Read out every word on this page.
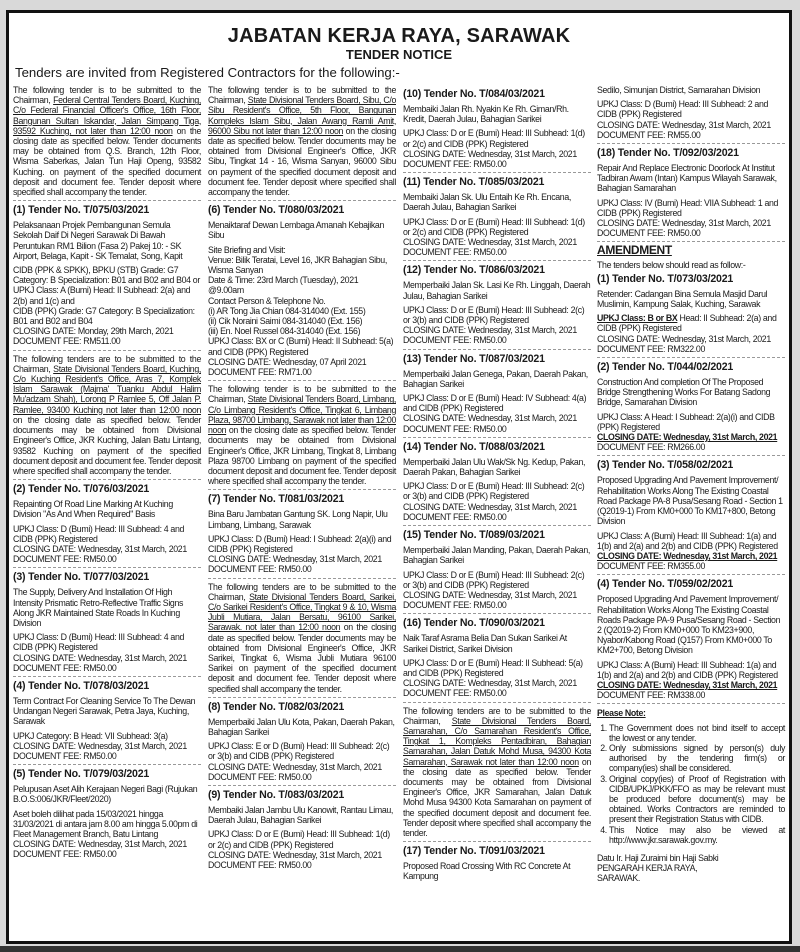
JABATAN KERJA RAYA, SARAWAK
TENDER NOTICE
Tenders are invited from Registered Contractors for the following:-
The following tender is to be submitted to the Chairman, Federal Central Tenders Board, Kuching, C/o Federal Financial Officer's Office, 16th Floor, Bangunan Sultan Iskandar, Jalan Simpang Tiga, 93592 Kuching, not later than 12:00 noon on the closing date as specified below. Tender documents may be obtained from Q.S. Branch, 12th Floor, Wisma Saberkas, Jalan Tun Haji Openg, 93582 Kuching. on payment of the specified document deposit and document fee. Tender deposit where specified shall accompany the tender.
(1) Tender No. T/075/03/2021
Pelaksanaan Projek Pembangunan Semula Sekolah Daif Di Negeri Sarawak Di Bawah Peruntukan RM1 Bilion (Fasa 2) Pakej 10: - SK Airport, Belaga, Kapit - SK Temalat, Song, Kapit
CIDB (PPK & SPKK), BPKU (STB) Grade: G7 Category: B Specialization: B01 and B02 and B04 or UPKJ Class: A (Bumi) Head: II Subhead: 2(a) and 2(b) and 1(c) and
CIDB (PPK) Grade: G7 Category: B Specialization: B01 and B02 and B04
CLOSING DATE: Monday, 29th March, 2021
DOCUMENT FEE: RM511.00
The following tenders are to be submitted to the Chairman, State Divisional Tenders Board, Kuching, C/o Kuching Resident's Office, Aras 7, Komplek Islam Sarawak (Majma' Tuanku Abdul Halim Mu'adzam Shah), Lorong P Ramlee 5, Off Jalan P. Ramlee, 93400 Kuching not later than 12:00 noon on the closing date as specified below. Tender documents may be obtained from Divisional Engineer's Office, JKR Kuching, Jalan Batu Lintang, 93582 Kuching on payment of the specified document deposit and document fee. Tender deposit where specified shall accompany the tender.
(2) Tender No. T/076/03/2021
Repainting Of Road Line Marking At Kuching Division "As And When Required" Basis
UPKJ Class: D (Bumi) Head: III Subhead: 4 and CIDB (PPK) Registered
CLOSING DATE: Wednesday, 31st March, 2021
DOCUMENT FEE: RM50.00
(3) Tender No. T/077/03/2021
The Supply, Delivery And Installation Of High Intensity Prismatic Retro-Reflective Traffic Signs Along JKR Maintained State Roads In Kuching Division
UPKJ Class: D (Bumi) Head: III Subhead: 4 and CIDB (PPK) Registered
CLOSING DATE: Wednesday, 31st March, 2021
DOCUMENT FEE: RM50.00
(4) Tender No. T/078/03/2021
Term Contract For Cleaning Service To The Dewan Undangan Negeri Sarawak, Petra Jaya, Kuching, Sarawak
UPKJ Category: B Head: VII Subhead: 3(a)
CLOSING DATE: Wednesday, 31st March, 2021
DOCUMENT FEE: RM50.00
(5) Tender No. T/079/03/2021
Pelupusan Aset Alih Kerajaan Negeri Bagi (Rujukan B.O.S:006/JKR/Fleet/2020)
Aset boleh dilihat pada 15/03/2021 hingga 31/03/2021 di antara jam 8.00 am hingga 5.00pm di Fleet Management Branch, Batu Lintang
CLOSING DATE: Wednesday, 31st March, 2021
DOCUMENT FEE: RM50.00
The following tender is to be submitted to the Chairman, State Divisional Tenders Board, Sibu, C/o Sibu Resident's Office, 5th Floor, Bangunan Kompleks Islam Sibu, Jalan Awang Ramli Amit, 96000 Sibu not later than 12:00 noon on the closing date as specified below. Tender documents may be obtained from Divisional Engineer's Office, JKR Sibu, Tingkat 14 - 16, Wisma Sanyan, 96000 Sibu on payment of the specified document deposit and document fee. Tender deposit where specified shall accompany the tender.
(6) Tender No. T/080/03/2021
Menaiktaraf Dewan Lembaga Amanah Kebajikan Sibu
Site Briefing and Visit:
Venue: Bilik Teratai, Level 16, JKR Bahagian Sibu, Wisma Sanyan
Date & Time: 23rd March (Tuesday), 2021 @9.00am
Contact Person & Telephone No.
(i) AR Tong Jia Chian 084-314040 (Ext. 155)
(ii) Cik Noraini Saimi 084-314040 (Ext. 156)
(iii) En. Noel Russel 084-314040 (Ext. 156)
UPKJ Class: BX or C (Bumi) Head: II Subhead: 5(a) and CIDB (PPK) Registered
CLOSING DATE: Wednesday, 07 April 2021
DOCUMENT FEE: RM71.00
The following tender is to be submitted to the Chairman, State Divisional Tenders Board, Limbang, C/o Limbang Resident's Office, Tingkat 6, Limbang Plaza, 98700 Limbang, Sarawak not later than 12:00 noon on the closing date as specified below. Tender documents may be obtained from Divisional Engineer's Office, JKR Limbang, Tingkat 8, Limbang Plaza 98700 Limbang on payment of the specified document deposit and document fee. Tender deposit where specified shall accompany the tender.
(7) Tender No. T/081/03/2021
Bina Baru Jambatan Gantung SK. Long Napir, Ulu Limbang, Limbang, Sarawak
UPKJ Class: D (Bumi) Head: I Subhead: 2(a)(i) and CIDB (PPK) Registered
CLOSING DATE: Wednesday, 31st March, 2021
DOCUMENT FEE: RM50.00
The following tenders are to be submitted to the Chairman, State Divisional Tenders Board, Sarikei, C/o Sarikei Resident's Office, Tingkat 9 & 10, Wisma Jubli Mutiara, Jalan Bersatu, 96100 Sarikei, Sarawak. not later than 12:00 noon on the closing date as specified below. Tender documents may be obtained from Divisional Engineer's Office, JKR Sarikei, Tingkat 6, Wisma Jubli Mutiara 96100 Sarikei on payment of the specified document deposit and document fee. Tender deposit where specified shall accompany the tender.
(8) Tender No. T/082/03/2021
Memperbaiki Jalan Ulu Kota, Pakan, Daerah Pakan, Bahagian Sarikei
UPKJ Class: E or D (Bumi) Head: III Subhead: 2(c) or 3(b) and CIDB (PPK) Registered
CLOSING DATE: Wednesday, 31st March, 2021
DOCUMENT FEE: RM50.00
(9) Tender No. T/083/03/2021
Membaiki Jalan Jambu Ulu Kanowit, Rantau Limau, Daerah Julau, Bahagian Sarikei
UPKJ Class: D or E (Bumi) Head: III Subhead: 1(d) or 2(c) and CIDB (PPK) Registered
CLOSING DATE: Wednesday, 31st March, 2021
DOCUMENT FEE: RM50.00
(10) Tender No. T/084/03/2021
Membaiki Jalan Rh. Nyakin Ke Rh. Giman/Rh. Kredit, Daerah Julau, Bahagian Sarikei
UPKJ Class: D or E (Bumi) Head: III Subhead: 1(d) or 2(c) and CIDB (PPK) Registered
CLOSING DATE: Wednesday, 31st March, 2021
DOCUMENT FEE: RM50.00
(11) Tender No. T/085/03/2021
Membaiki Jalan Sk. Ulu Entaih Ke Rh. Encana, Daerah Julau, Bahagian Sarikei
UPKJ Class: D or E (Bumi) Head: III Subhead: 1(d) or 2(c) and CIDB (PPK) Registered
CLOSING DATE: Wednesday, 31st March, 2021
DOCUMENT FEE: RM50.00
(12) Tender No. T/086/03/2021
Memperbaiki Jalan Sk. Lasi Ke Rh. Linggah, Daerah Julau, Bahagian Sarikei
UPKJ Class: D or E (Bumi) Head: III Subhead: 2(c) or 3(b) and CIDB (PPK) Registered
CLOSING DATE: Wednesday, 31st March, 2021
DOCUMENT FEE: RM50.00
(13) Tender No. T/087/03/2021
Memperbaiki Jalan Genega, Pakan, Daerah Pakan, Bahagian Sarikei
UPKJ Class: D or E (Bumi) Head: IV Subhead: 4(a) and CIDB (PPK) Registered
CLOSING DATE: Wednesday, 31st March, 2021
DOCUMENT FEE: RM50.00
(14) Tender No. T/088/03/2021
Memperbaiki Jalan Ulu Wak/Sk Ng. Kedup, Pakan, Daerah Pakan, Bahagian Sarikei
UPKJ Class: D or E (Bumi) Head: III Subhead: 2(c) or 3(b) and CIDB (PPK) Registered
CLOSING DATE: Wednesday, 31st March, 2021
DOCUMENT FEE: RM50.00
(15) Tender No. T/089/03/2021
Memperbaiki Jalan Manding, Pakan, Daerah Pakan, Bahagian Sarikei
UPKJ Class: D or E (Bumi) Head: III Subhead: 2(c) or 3(b) and CIDB (PPK) Registered
CLOSING DATE: Wednesday, 31st March, 2021
DOCUMENT FEE: RM50.00
(16) Tender No. T/090/03/2021
Naik Taraf Asrama Belia Dan Sukan Sarikei At Sarikei District, Sarikei Division
UPKJ Class: D or E (Bumi) Head: II Subhead: 5(a) and CIDB (PPK) Registered
CLOSING DATE: Wednesday, 31st March, 2021
DOCUMENT FEE: RM50.00
The following tenders are to be submitted to the Chairman, State Divisional Tenders Board, Samarahan, C/o Samarahan Resident's Office, Tingkat 1, Kompleks Pentadbiran, Bahagian Samarahan, Jalan Datuk Mohd Musa, 94300 Kota Samarahan, Sarawak not later than 12:00 noon on the closing date as specified below. Tender documents may be obtained from Divisional Engineer's Office, JKR Samarahan, Jalan Datuk Mohd Musa 94300 Kota Samarahan on payment of the specified document deposit and document fee. Tender deposit where specified shall accompany the tender.
(17) Tender No. T/091/03/2021
Proposed Road Crossing With RC Concrete At Kampung
Sedilo, Simunjan District, Samarahan Division
UPKJ Class: D (Bumi) Head: III Subhead: 2 and CIDB (PPK) Registered
CLOSING DATE: Wednesday, 31st March, 2021
DOCUMENT FEE: RM55.00
(18) Tender No. T/092/03/2021
Repair And Replace Electronic Doorlock At Institut Tadbiran Awam (Intan) Kampus Wilayah Sarawak, Bahagian Samarahan
UPKJ Class: IV (Bumi) Head: VIIA Subhead: 1 and CIDB (PPK) Registered
CLOSING DATE: Wednesday, 31st March, 2021
DOCUMENT FEE: RM50.00
AMENDMENT
The tenders below should read as follow:-
(1) Tender No. T/073/03/2021
Retender: Cadangan Bina Semula Masjid Darul Muslimin, Kampung Salak, Kuching, Sarawak
UPKJ Class: B or BX Head: II Subhead: 2(a) and CIDB (PPK) Registered
CLOSING DATE: Wednesday, 31st March, 2021
DOCUMENT FEE: RM322.00
(2) Tender No. T/044/02/2021
Construction And completion Of The Proposed Bridge Strengthening Works For Batang Sadong Bridge, Samarahan Division
UPKJ Class: A Head: I Subhead: 2(a)(i) and CIDB (PPK) Registered
CLOSING DATE: Wednesday, 31st March, 2021
DOCUMENT FEE: RM266.00
(3) Tender No. T/058/02/2021
Proposed Upgrading And Pavement Improvement/ Rehabilitation Works Along The Existing Coastal Road Package PA-8 Pusa/Sesang Road - Section 1 (Q2019-1) From KM0+000 To KM17+800, Betong Division
UPKJ Class: A (Bumi) Head: III Subhead: 1(a) and 1(b) and 2(a) and 2(b) and CIDB (PPK) Registered
CLOSING DATE: Wednesday, 31st March, 2021
DOCUMENT FEE: RM355.00
(4) Tender No. T/059/02/2021
Proposed Upgrading And Pavement Improvement/ Rehabilitation Works Along The Existing Coastal Roads Package PA-9 Pusa/Sesang Road - Section 2 (Q2019-2) From KM0+000 To KM23+900, Nyabor/Kabong Road (Q157) From KM0+000 To KM2+700, Betong Division
UPKJ Class: A (Bumi) Head: III Subhead: 1(a) and 1(b) and 2(a) and 2(b) and CIDB (PPK) Registered
CLOSING DATE: Wednesday, 31st March, 2021
DOCUMENT FEE: RM338.00
Please Note:
1. The Government does not bind itself to accept the lowest or any tender.
2. Only submissions signed by person(s) duly authorised by the tendering firm(s) or company(ies) shall be considered.
3. Original copy(ies) of Proof of Registration with CIDB/UPKJ/PKK/FFO as may be relevant must be produced before document(s) may be obtained. Works Contractors are reminded to present their Registration Status with CIDB.
4. This Notice may also be viewed at http://www.jkr.sarawak.gov.my.
Datu Ir. Haji Zuraimi bin Haji Sabki
PENGARAH KERJA RAYA,
SARAWAK.
